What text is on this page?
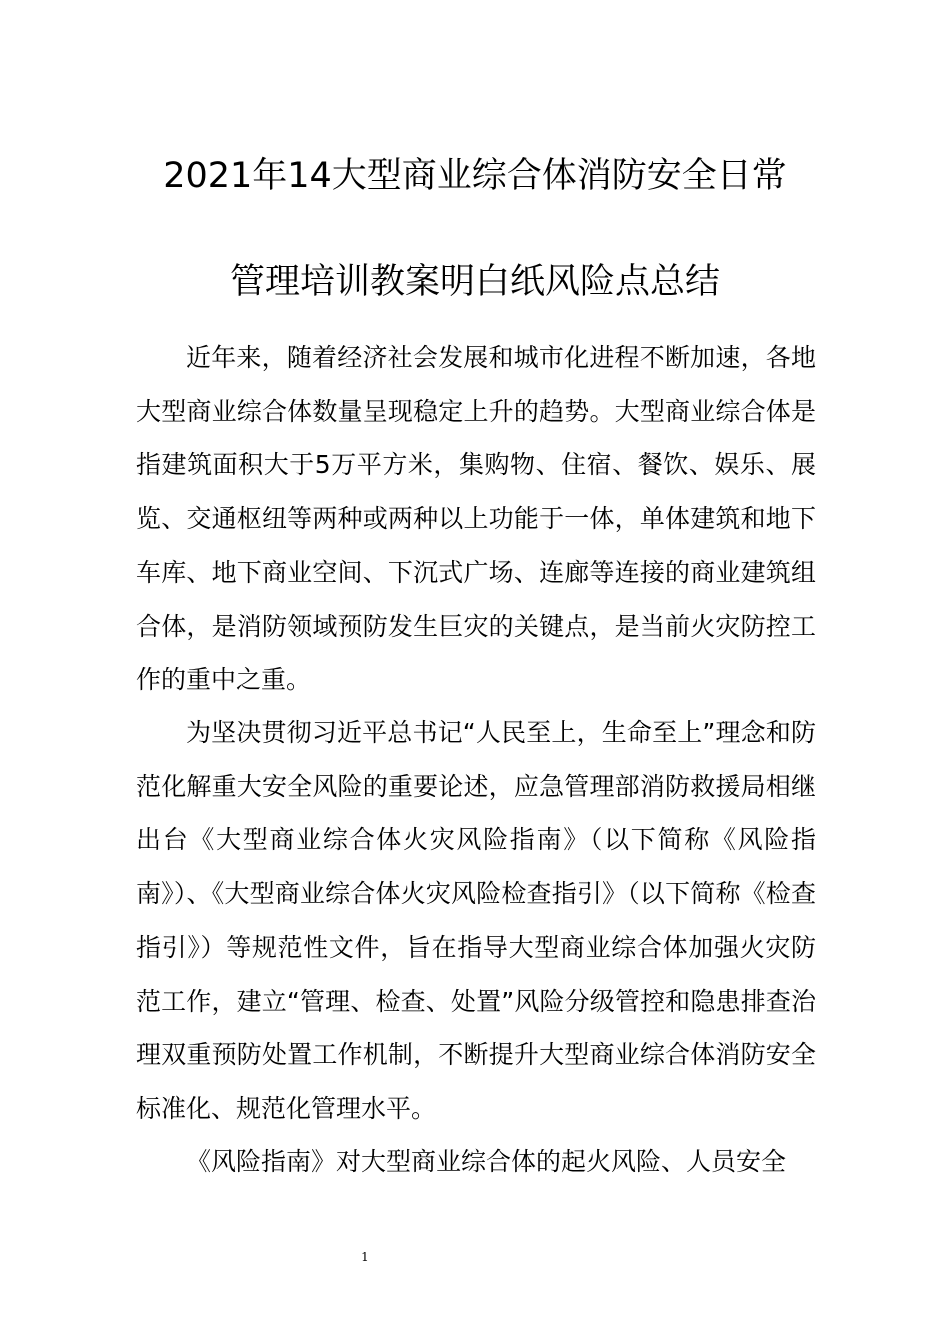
2021年14大型商业综合体消防安全日常
管理培训教案明白纸风险点总结

近年来，随着经济社会发展和城市化进程不断加速，各地大型商业综合体数量呈现稳定上升的趋势。大型商业综合体是指建筑面积大于5万平方米，集购物、住宿、餐饮、娱乐、展览、交通枢纽等两种或两种以上功能于一体，单体建筑和地下车库、地下商业空间、下沉式广场、连廊等连接的商业建筑组合体，是消防领域预防发生巨灾的关键点，是当前火灾防控工作的重中之重。

为坚决贯彻习近平总书记“人民至上，生命至上”理念和防范化解重大安全风险的重要论述，应急管理部消防救援局相继出台《大型商业综合体火灾风险指南》（以下简称《风险指南》）、《大型商业综合体火灾风险检查指引》（以下简称《检查指引》）等规范性文件，旨在指导大型商业综合体加强火灾防范工作，建立“管理、检查、处置”风险分级管控和隐患排查治理双重预防处置工作机制，不断提升大型商业综合体消防安全标准化、规范化管理水平。

《风险指南》对大型商业综合体的起火风险、人员安全

1
